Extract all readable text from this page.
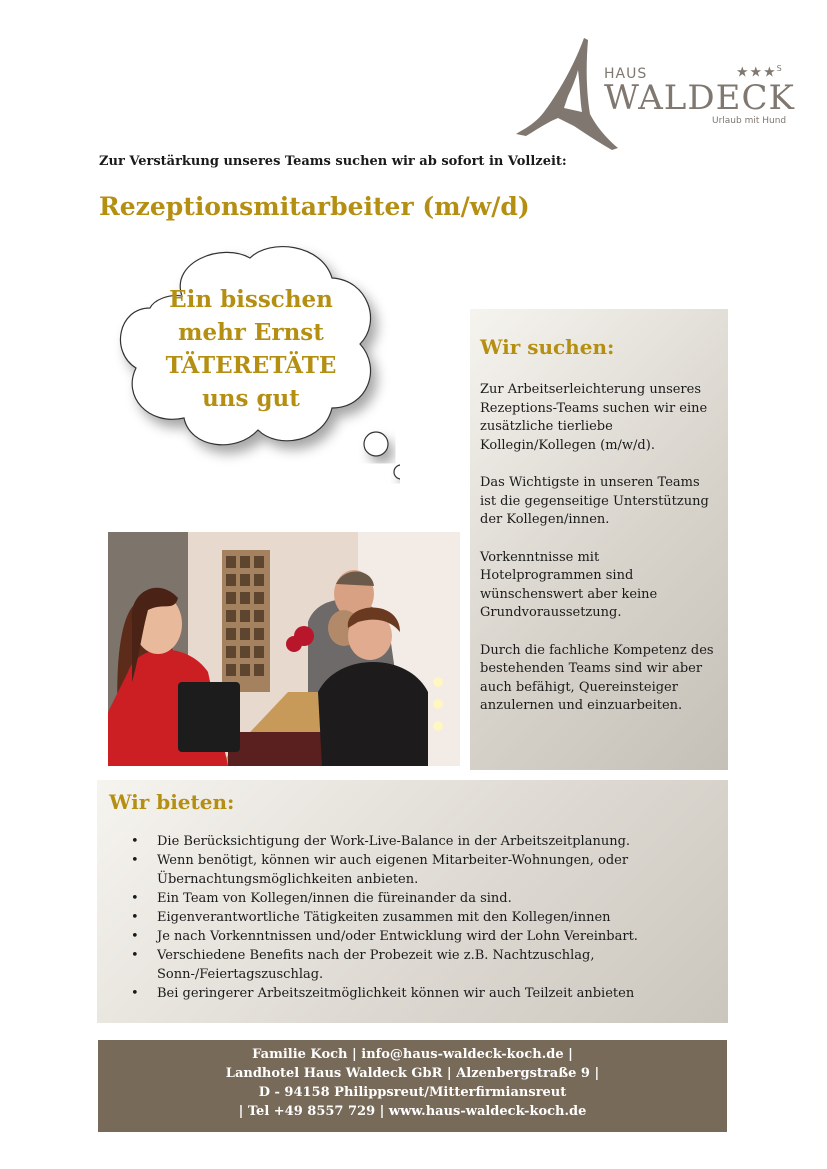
HAUS	★★★$^S$
WALDECK
Urlaub mit Hund
Zur Verstärkung unseres Teams suchen wir ab sofort in Vollzeit:
Rezeptionsmitarbeiter (m/w/d)
Ein bisschen
mehr Ernst
TÄTERETÄTE
uns gut
Wir suchen:

Zur Arbeitserleichterung unseres Rezeptions-Teams suchen wir eine zusätzliche tierliebe Kollegin/Kollegen (m/w/d).

Das Wichtigste in unseren Teams ist die gegenseitige Unterstützung der Kollegen/innen.

Vorkenntnisse mit Hotelprogrammen sind wünschenswert aber keine Grundvoraussetzung.

Durch die fachliche Kompetenz des bestehenden Teams sind wir aber auch befähigt, Quereinsteiger anzulernen und einzuarbeiten.

Wir bieten:
• Die Berücksichtigung der Work-Live-Balance in der Arbeitszeitplanung.
• Wenn benötigt, können wir auch eigenen Mitarbeiter-Wohnungen, oder Übernachtungsmöglichkeiten anbieten.
• Ein Team von Kollegen/innen die füreinander da sind.
• Eigenverantwortliche Tätigkeiten zusammen mit den Kollegen/innen
• Je nach Vorkenntnissen und/oder Entwicklung wird der Lohn Vereinbart.
• Verschiedene Benefits nach der Probezeit wie z.B. Nachtzuschlag, Sonn-/Feiertagszuschlag.
• Bei geringerer Arbeitszeitmöglichkeit können wir auch Teilzeit anbieten
Familie Koch | info@haus-waldeck-koch.de |
Landhotel Haus Waldeck GbR | Alzenbergstraße 9 |
D - 94158 Philippsreut/Mitterfirmiansreut
| Tel +49 8557 729 | www.haus-waldeck-koch.de
